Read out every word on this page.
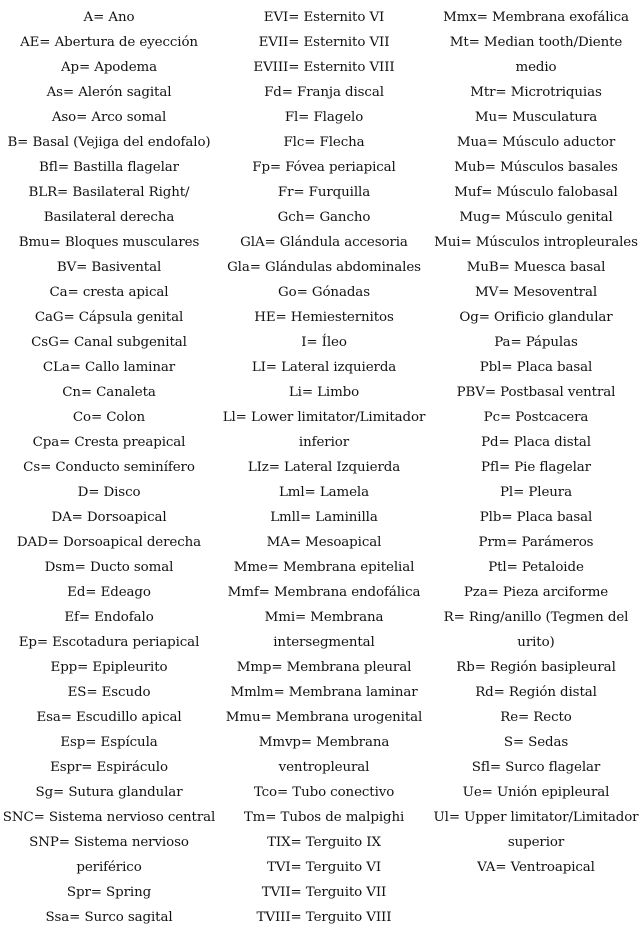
A= Ano
AE= Abertura de eyección
Ap= Apodema
As= Alerón sagital
Aso= Arco somal
B= Basal (Vejiga del endofalo)
Bfl= Bastilla flagelar
BLR= Basilateral Right/
Basilateral derecha
Bmu= Bloques musculares
BV= Basivental
Ca= cresta apical
CaG= Cápsula genital
CsG= Canal subgenital
CLa= Callo laminar
Cn= Canaleta
Co= Colon
Cpa= Cresta preapical
Cs= Conducto seminífero
D= Disco
DA= Dorsoapical
DAD= Dorsoapical derecha
Dsm= Ducto somal
Ed= Edeago
Ef= Endofalo
Ep= Escotadura periapical
Epp= Epipleurito
ES= Escudo
Esa= Escudillo apical
Esp= Espícula
Espr= Espiráculo
Sg= Sutura glandular
SNC= Sistema nervioso central
SNP= Sistema nervioso
periférico
Spr= Spring
Ssa= Surco sagital
EVI= Esternito VI
EVII= Esternito VII
EVIII= Esternito VIII
Fd= Franja discal
Fl= Flagelo
Flc= Flecha
Fp= Fóvea periapical
Fr= Furquilla
Gch= Gancho
GlA= Glándula accesoria
Gla= Glándulas abdominales
Go= Gónadas
HE= Hemiesternitos
I= Íleo
LI= Lateral izquierda
Li= Limbo
Ll= Lower limitator/Limitador
inferior
LIz= Lateral Izquierda
Lml= Lamela
Lmll= Laminilla
MA= Mesoapical
Mme= Membrana epitelial
Mmf= Membrana endofálica
Mmi= Membrana
intersegmental
Mmp= Membrana pleural
Mmlm= Membrana laminar
Mmu= Membrana urogenital
Mmvp= Membrana
ventropleural
Tco= Tubo conectivo
Tm= Tubos de malpighi
TIX= Terguito IX
TVI= Terguito VI
TVII= Terguito VII
TVIII= Terguito VIII
Mmx= Membrana exofálica
Mt= Median tooth/Diente
medio
Mtr= Microtriquias
Mu= Musculatura
Mua= Músculo aductor
Mub= Músculos basales
Muf= Músculo falobasal
Mug= Músculo genital
Mui= Músculos intropleurales
MuB= Muesca basal
MV= Mesoventral
Og= Orificio glandular
Pa= Pápulas
Pbl= Placa basal
PBV= Postbasal ventral
Pc= Postcacera
Pd= Placa distal
Pfl= Pie flagelar
Pl= Pleura
Plb= Placa basal
Prm= Parámeros
Ptl= Petaloide
Pza= Pieza arciforme
R= Ring/anillo (Tegmen del
urito)
Rb= Región basipleural
Rd= Región distal
Re= Recto
S= Sedas
Sfl= Surco flagelar
Ue= Unión epipleural
Ul= Upper limitator/Limitador
superior
VA= Ventroapical
